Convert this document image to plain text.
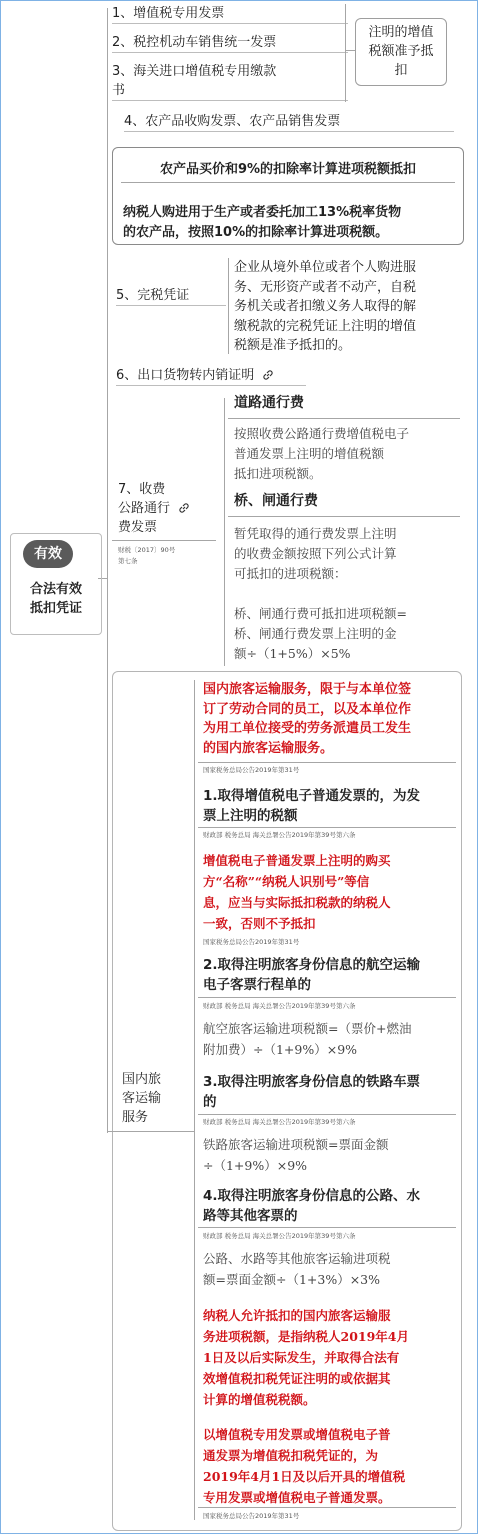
有效
合法有效
抵扣凭证
1、增值税专用发票
2、税控机动车销售统一发票
3、海关进口增值税专用缴款
书
注明的增值
税额准予抵
扣
4、农产品收购发票、农产品销售发票
农产品买价和9%的扣除率计算进项税额抵扣
纳税人购进用于生产或者委托加工13%税率货物
的农产品，按照10%的扣除率计算进项税额。
5、完税凭证
企业从境外单位或者个人购进服
务、无形资产或者不动产，自税
务机关或者扣缴义务人取得的解
缴税款的完税凭证上注明的增值
税额是准予抵扣的。
6、出口货物转内销证明
7、收费
公路通行
费发票
财税〔2017〕90号
第七条
道路通行费
按照收费公路通行费增值税电子
普通发票上注明的增值税额
抵扣进项税额。
桥、闸通行费
暂凭取得的通行费发票上注明
的收费金额按照下列公式计算
可抵扣的进项税额：
桥、闸通行费可抵扣进项税额=
桥、闸通行费发票上注明的金
额÷（1+5%）×5%
国内旅
客运输
服务
国内旅客运输服务，限于与本单位签
订了劳动合同的员工，以及本单位作
为用工单位接受的劳务派遣员工发生
的国内旅客运输服务。
国家税务总局公告2019年第31号
1.取得增值税电子普通发票的，为发
票上注明的税额
财政部 税务总局 海关总署公告2019年第39号第六条
增值税电子普通发票上注明的购买
方“名称”“纳税人识别号”等信
息，应当与实际抵扣税款的纳税人
一致，否则不予抵扣
国家税务总局公告2019年第31号
2.取得注明旅客身份信息的航空运输
电子客票行程单的
财政部 税务总局 海关总署公告2019年第39号第六条
航空旅客运输进项税额=（票价+燃油
附加费）÷（1+9%）×9%
3.取得注明旅客身份信息的铁路车票
的
财政部 税务总局 海关总署公告2019年第39号第六条
铁路旅客运输进项税额=票面金额
÷（1+9%）×9%
4.取得注明旅客身份信息的公路、水
路等其他客票的
财政部 税务总局 海关总署公告2019年第39号第六条
公路、水路等其他旅客运输进项税
额=票面金额÷（1+3%）×3%
纳税人允许抵扣的国内旅客运输服
务进项税额，是指纳税人2019年4月
1日及以后实际发生，并取得合法有
效增值税扣税凭证注明的或依据其
计算的增值税税额。
以增值税专用发票或增值税电子普
通发票为增值税扣税凭证的，为
2019年4月1日及以后开具的增值税
专用发票或增值税电子普通发票。
国家税务总局公告2019年第31号
